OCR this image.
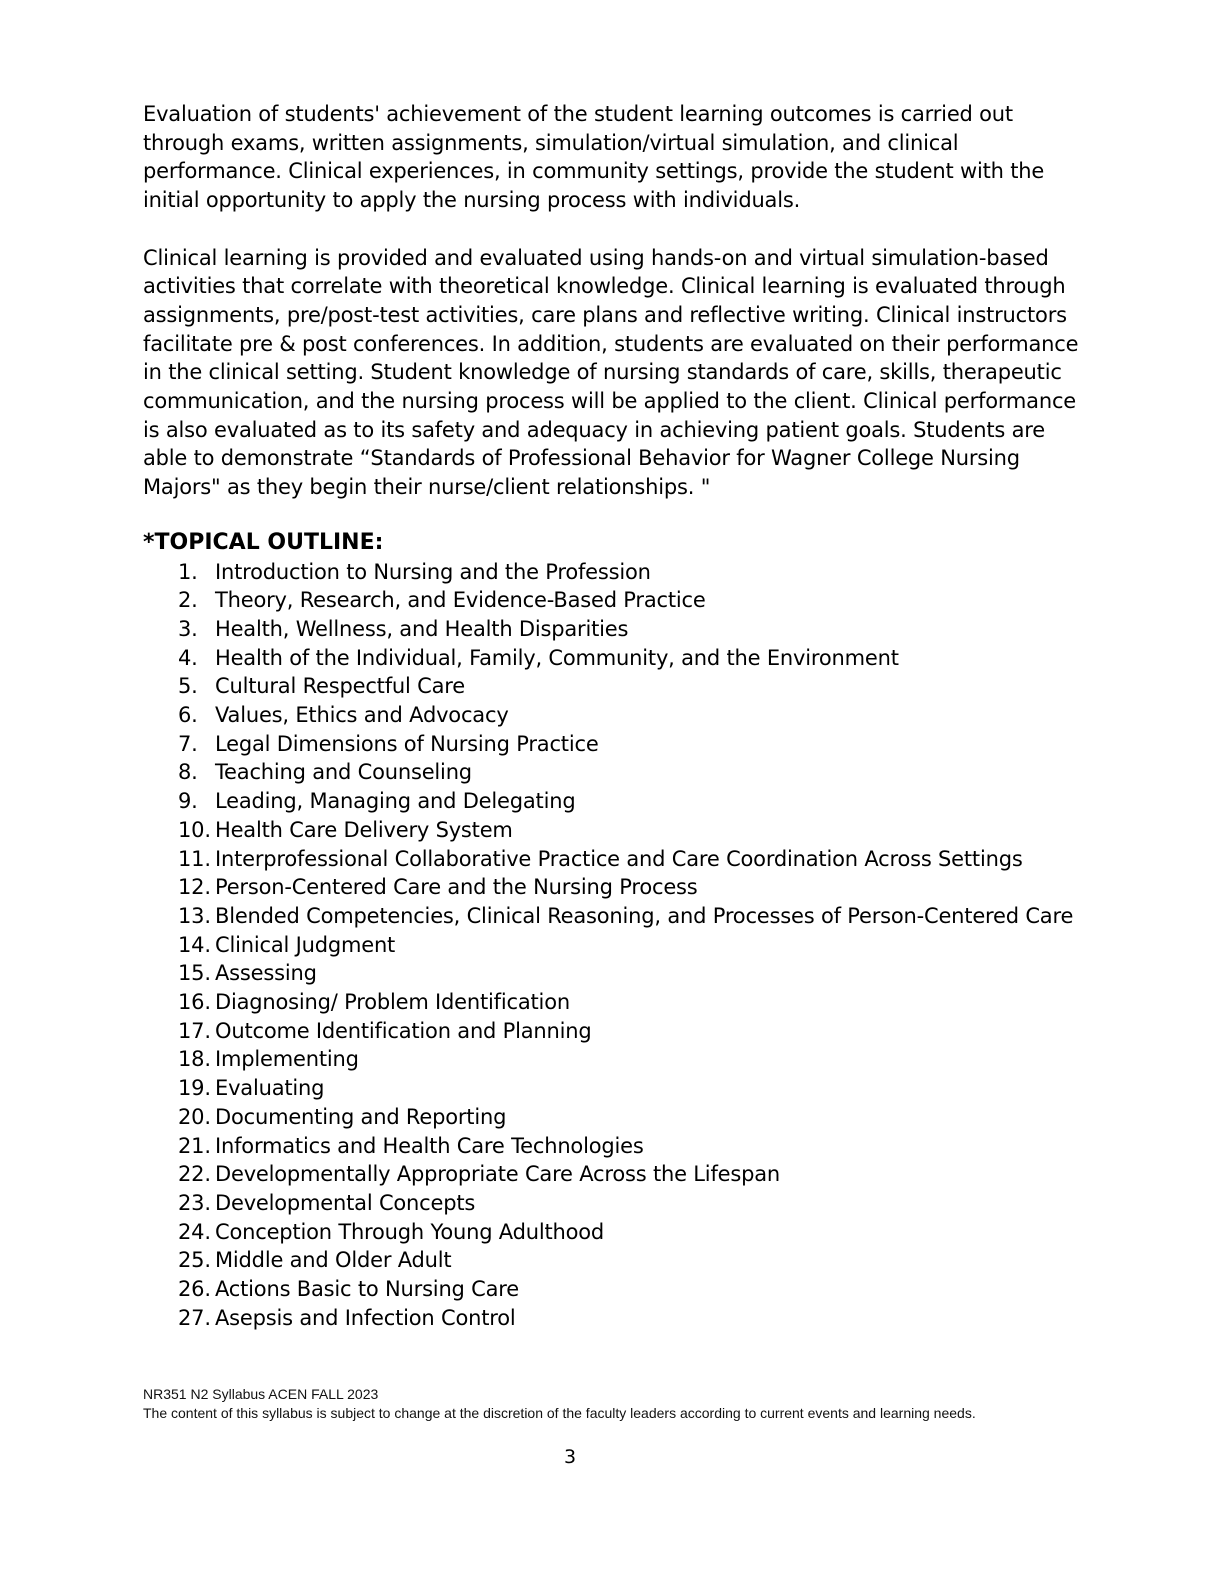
Evaluation of students' achievement of the student learning outcomes is carried out through exams, written assignments, simulation/virtual simulation, and clinical performance. Clinical experiences, in community settings, provide the student with the initial opportunity to apply the nursing process with individuals.

Clinical learning is provided and evaluated using hands-on and virtual simulation-based activities that correlate with theoretical knowledge. Clinical learning is evaluated through assignments, pre/post-test activities, care plans and reflective writing. Clinical instructors facilitate pre & post conferences. In addition, students are evaluated on their performance in the clinical setting. Student knowledge of nursing standards of care, skills, therapeutic communication, and the nursing process will be applied to the client. Clinical performance is also evaluated as to its safety and adequacy in achieving patient goals. Students are able to demonstrate “Standards of Professional Behavior for Wagner College Nursing Majors" as they begin their nurse/client relationships. "

*TOPICAL OUTLINE:
1. Introduction to Nursing and the Profession
2. Theory, Research, and Evidence-Based Practice
3. Health, Wellness, and Health Disparities
4. Health of the Individual, Family, Community, and the Environment
5. Cultural Respectful Care
6. Values, Ethics and Advocacy
7. Legal Dimensions of Nursing Practice
8. Teaching and Counseling
9. Leading, Managing and Delegating
10. Health Care Delivery System
11. Interprofessional Collaborative Practice and Care Coordination Across Settings
12. Person-Centered Care and the Nursing Process
13. Blended Competencies, Clinical Reasoning, and Processes of Person-Centered Care
14. Clinical Judgment
15. Assessing
16. Diagnosing/ Problem Identification
17. Outcome Identification and Planning
18. Implementing
19. Evaluating
20. Documenting and Reporting
21. Informatics and Health Care Technologies
22. Developmentally Appropriate Care Across the Lifespan
23. Developmental Concepts
24. Conception Through Young Adulthood
25. Middle and Older Adult
26. Actions Basic to Nursing Care
27. Asepsis and Infection Control

NR351 N2 Syllabus ACEN FALL 2023

The content of this syllabus is subject to change at the discretion of the faculty leaders according to current events and learning needs.

3
